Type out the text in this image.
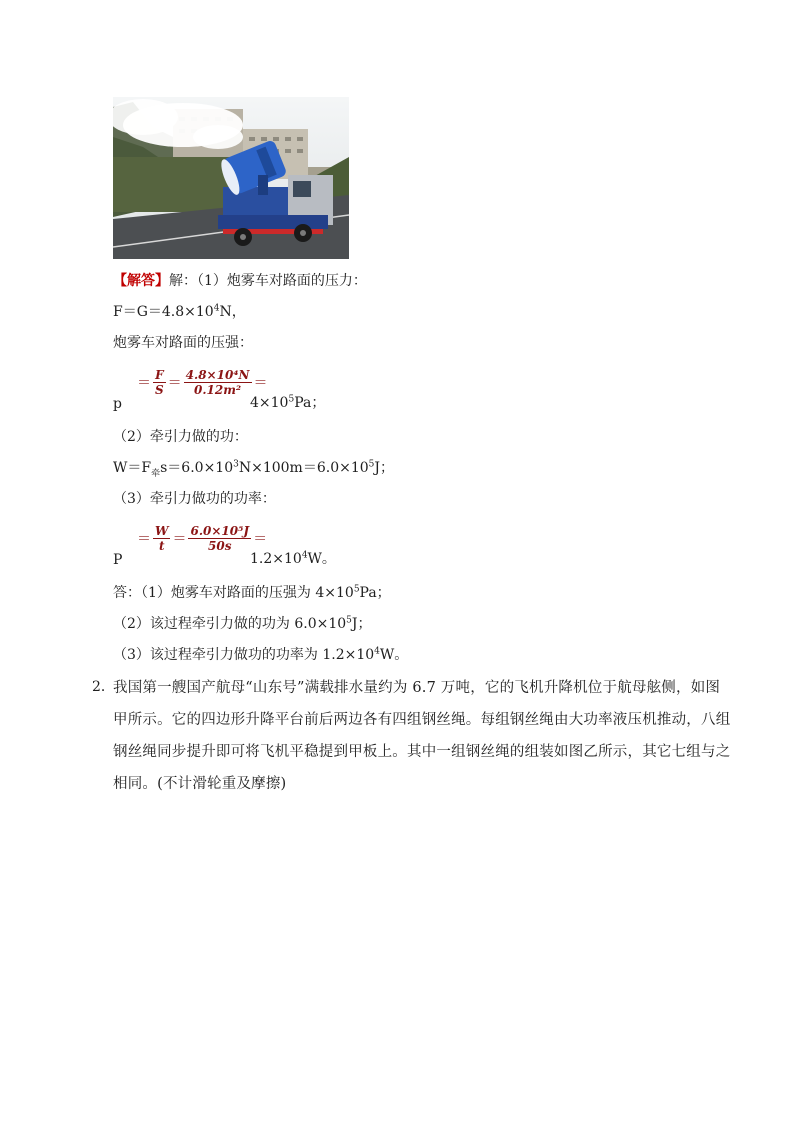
【解答】解：（1）炮雾车对路面的压力：
$F=G=4.8\times 10^4N$，
炮雾车对路面的压强：
p
＝ $\frac{F}{S} = \frac{\text{4.8×10⁴N}}{\text{0.12m²}}$ ＝
$4\times 10^5Pa$；
（2）牵引力做的功：
$W=F_牵s=6.0\times 10^3N\times 100m=6.0\times 10^5J$；
（3）牵引力做功的功率：
P
＝ $\frac{W}{t} = \frac{\text{6.0×10⁵J}}{50s}$ ＝
$1.2\times 10^4W$。
答：（1）炮雾车对路面的压强为 $4\times 10^5Pa$；
（2）该过程牵引力做的功为 $6.0\times 10^5J$；
（3）该过程牵引力做功的功率为 $1.2\times 10^4W$。
2．
我国第一艘国产航母“山东号”满载排水量约为 6.7 万吨，它的飞机升降机位于航母舷侧，如图
甲所示。它的四边形升降平台前后两边各有四组钢丝绳。每组钢丝绳由大功率液压机推动，八组
钢丝绳同步提升即可将飞机平稳提到甲板上。其中一组钢丝绳的组装如图乙所示，其它七组与之
相同。(不计滑轮重及摩擦)
